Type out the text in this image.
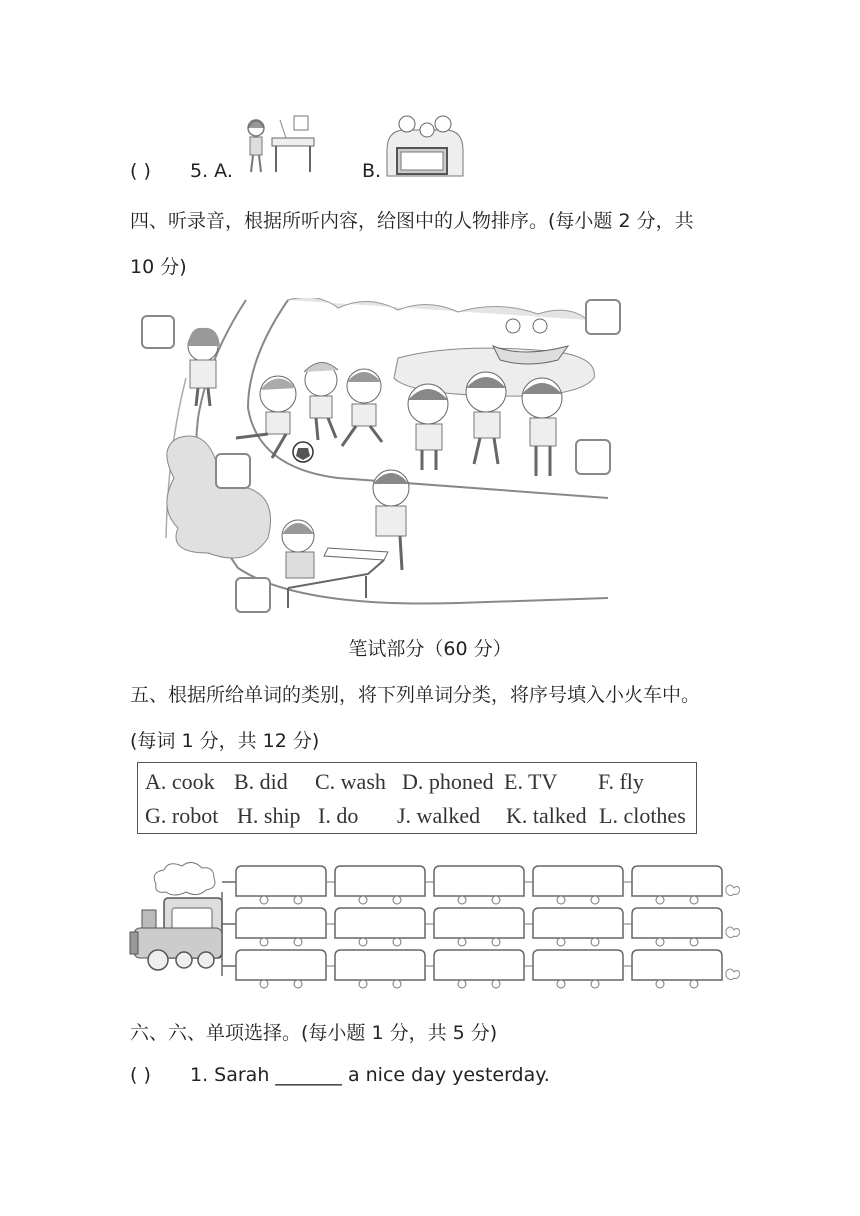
( ) 5. A.	B.
四、听录音，根据所听内容，给图中的人物排序。(每小题 2 分，共
10 分)
笔试部分（60 分）
五、根据所给单词的类别，将下列单词分类，将序号填入小火车中。
(每词 1 分，共 12 分)
A. cook B. did C. wash D. phoned E. TV F. fly
G. robot H. ship I. do J. walked K. talked L. clothes
六、六、单项选择。(每小题 1 分，共 5 分)
( ) 1. Sarah _______ a nice day yesterday.
